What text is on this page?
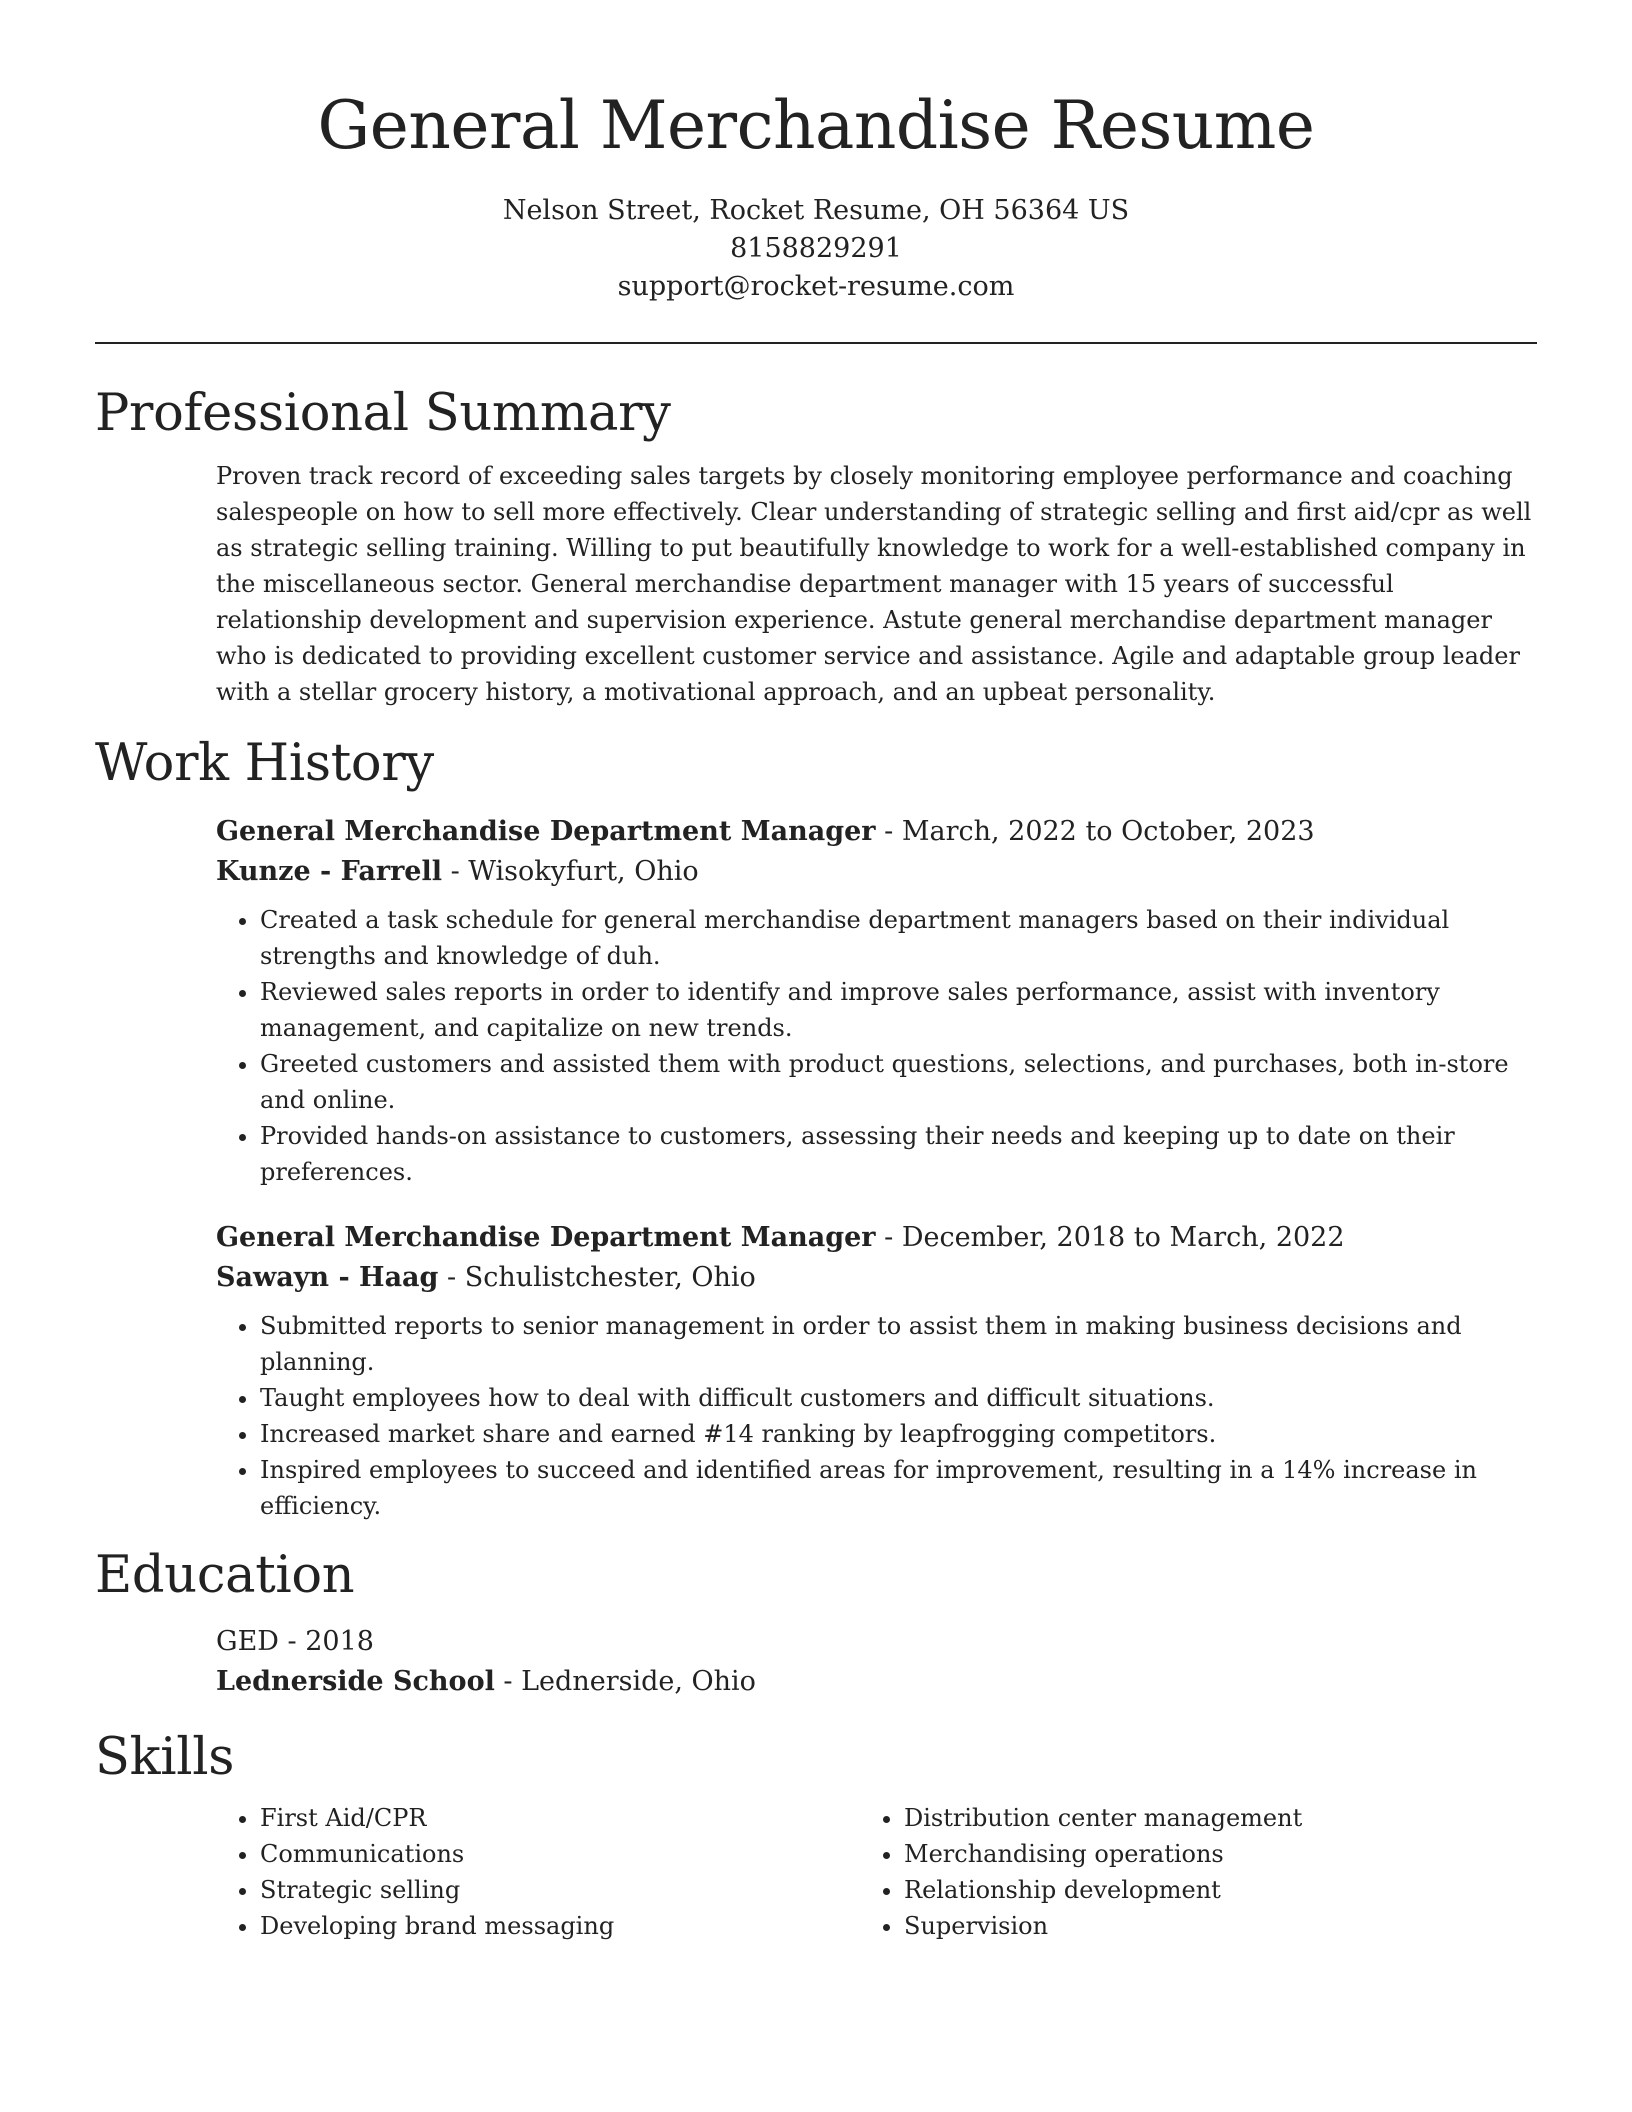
General Merchandise Resume
Nelson Street, Rocket Resume, OH 56364 US
8158829291
support@rocket-resume.com
Professional Summary

Proven track record of exceeding sales targets by closely monitoring employee performance and coaching salespeople on how to sell more effectively. Clear understanding of strategic selling and first aid/cpr as well as strategic selling training. Willing to put beautifully knowledge to work for a well-established company in the miscellaneous sector. General merchandise department manager with 15 years of successful relationship development and supervision experience. Astute general merchandise department manager who is dedicated to providing excellent customer service and assistance. Agile and adaptable group leader with a stellar grocery history, a motivational approach, and an upbeat personality.

Work History
General Merchandise Department Manager - March, 2022 to October, 2023
Kunze - Farrell - Wisokyfurt, Ohio
• Created a task schedule for general merchandise department managers based on their individual strengths and knowledge of duh.
• Reviewed sales reports in order to identify and improve sales performance, assist with inventory management, and capitalize on new trends.
• Greeted customers and assisted them with product questions, selections, and purchases, both in-store and online.
• Provided hands-on assistance to customers, assessing their needs and keeping up to date on their preferences.
General Merchandise Department Manager - December, 2018 to March, 2022
Sawayn - Haag - Schulistchester, Ohio
• Submitted reports to senior management in order to assist them in making business decisions and planning.
• Taught employees how to deal with difficult customers and difficult situations.
• Increased market share and earned #14 ranking by leapfrogging competitors.
• Inspired employees to succeed and identified areas for improvement, resulting in a 14% increase in efficiency.
Education
GED - 2018
Lednerside School - Lednerside, Ohio
Skills
• First Aid/CPR
• Communications
• Strategic selling
• Developing brand messaging
• Distribution center management
• Merchandising operations
• Relationship development
• Supervision
